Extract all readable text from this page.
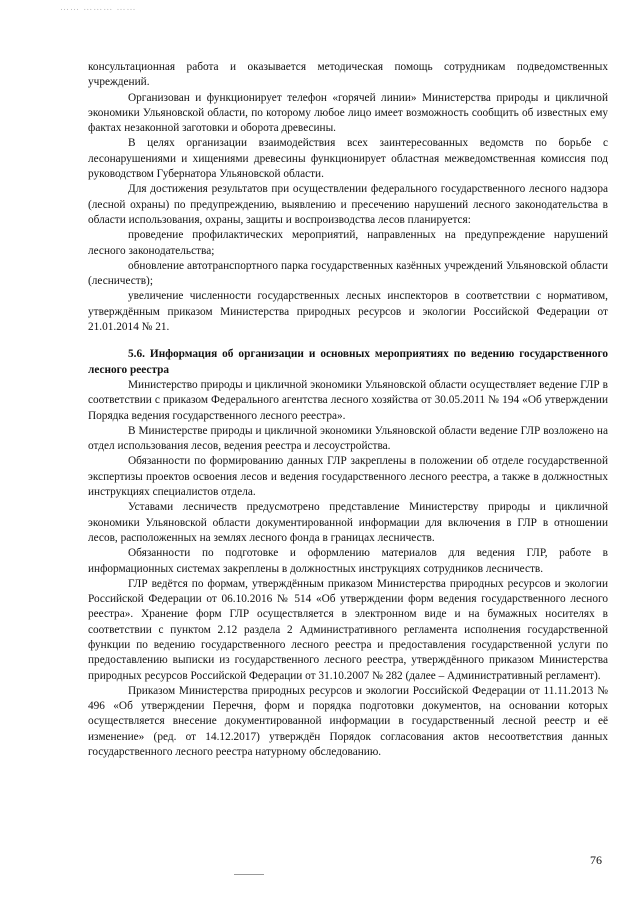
…… ……… ……

консультационная работа и оказывается методическая помощь сотрудникам подведомственных учреждений.

Организован и функционирует телефон «горячей линии» Министерства природы и цикличной экономики Ульяновской области, по которому любое лицо имеет возможность сообщить об известных ему фактах незаконной заготовки и оборота древесины.

В целях организации взаимодействия всех заинтересованных ведомств по борьбе с лесонарушениями и хищениями древесины функционирует областная межведомственная комиссия под руководством Губернатора Ульяновской области.

Для достижения результатов при осуществлении федерального государственного лесного надзора (лесной охраны) по предупреждению, выявлению и пресечению нарушений лесного законодательства в области использования, охраны, защиты и воспроизводства лесов планируется:

проведение профилактических мероприятий, направленных на предупреждение нарушений лесного законодательства;

обновление автотранспортного парка государственных казённых учреждений Ульяновской области (лесничеств);

увеличение численности государственных лесных инспекторов в соответствии с нормативом, утверждённым приказом Министерства природных ресурсов и экологии Российской Федерации от 21.01.2014 № 21.

5.6. Информация об организации и основных мероприятиях по ведению государственного лесного реестра

Министерство природы и цикличной экономики Ульяновской области осуществляет ведение ГЛР в соответствии с приказом Федерального агентства лесного хозяйства от 30.05.2011 № 194 «Об утверждении Порядка ведения государственного лесного реестра».

В Министерстве природы и цикличной экономики Ульяновской области ведение ГЛР возложено на отдел использования лесов, ведения реестра и лесоустройства.

Обязанности по формированию данных ГЛР закреплены в положении об отделе государственной экспертизы проектов освоения лесов и ведения государственного лесного реестра, а также в должностных инструкциях специалистов отдела.

Уставами лесничеств предусмотрено представление Министерству природы и цикличной экономики Ульяновской области документированной информации для включения в ГЛР в отношении лесов, расположенных на землях лесного фонда в границах лесничеств.

Обязанности по подготовке и оформлению материалов для ведения ГЛР, работе в информационных системах закреплены в должностных инструкциях сотрудников лесничеств.

ГЛР ведётся по формам, утверждённым приказом Министерства природных ресурсов и экологии Российской Федерации от 06.10.2016 № 514 «Об утверждении форм ведения государственного лесного реестра». Хранение форм ГЛР осуществляется в электронном виде и на бумажных носителях в соответствии с пунктом 2.12 раздела 2 Административного регламента исполнения государственной функции по ведению государственного лесного реестра и предоставления государственной услуги по предоставлению выписки из государственного лесного реестра, утверждённого приказом Министерства природных ресурсов Российской Федерации от 31.10.2007 № 282 (далее – Административный регламент).

Приказом Министерства природных ресурсов и экологии Российской Федерации от 11.11.2013 № 496 «Об утверждении Перечня, форм и порядка подготовки документов, на основании которых осуществляется внесение документированной информации в государственный лесной реестр и её изменение» (ред. от 14.12.2017) утверждён Порядок согласования актов несоответствия данных государственного лесного реестра натурному обследованию.

76
